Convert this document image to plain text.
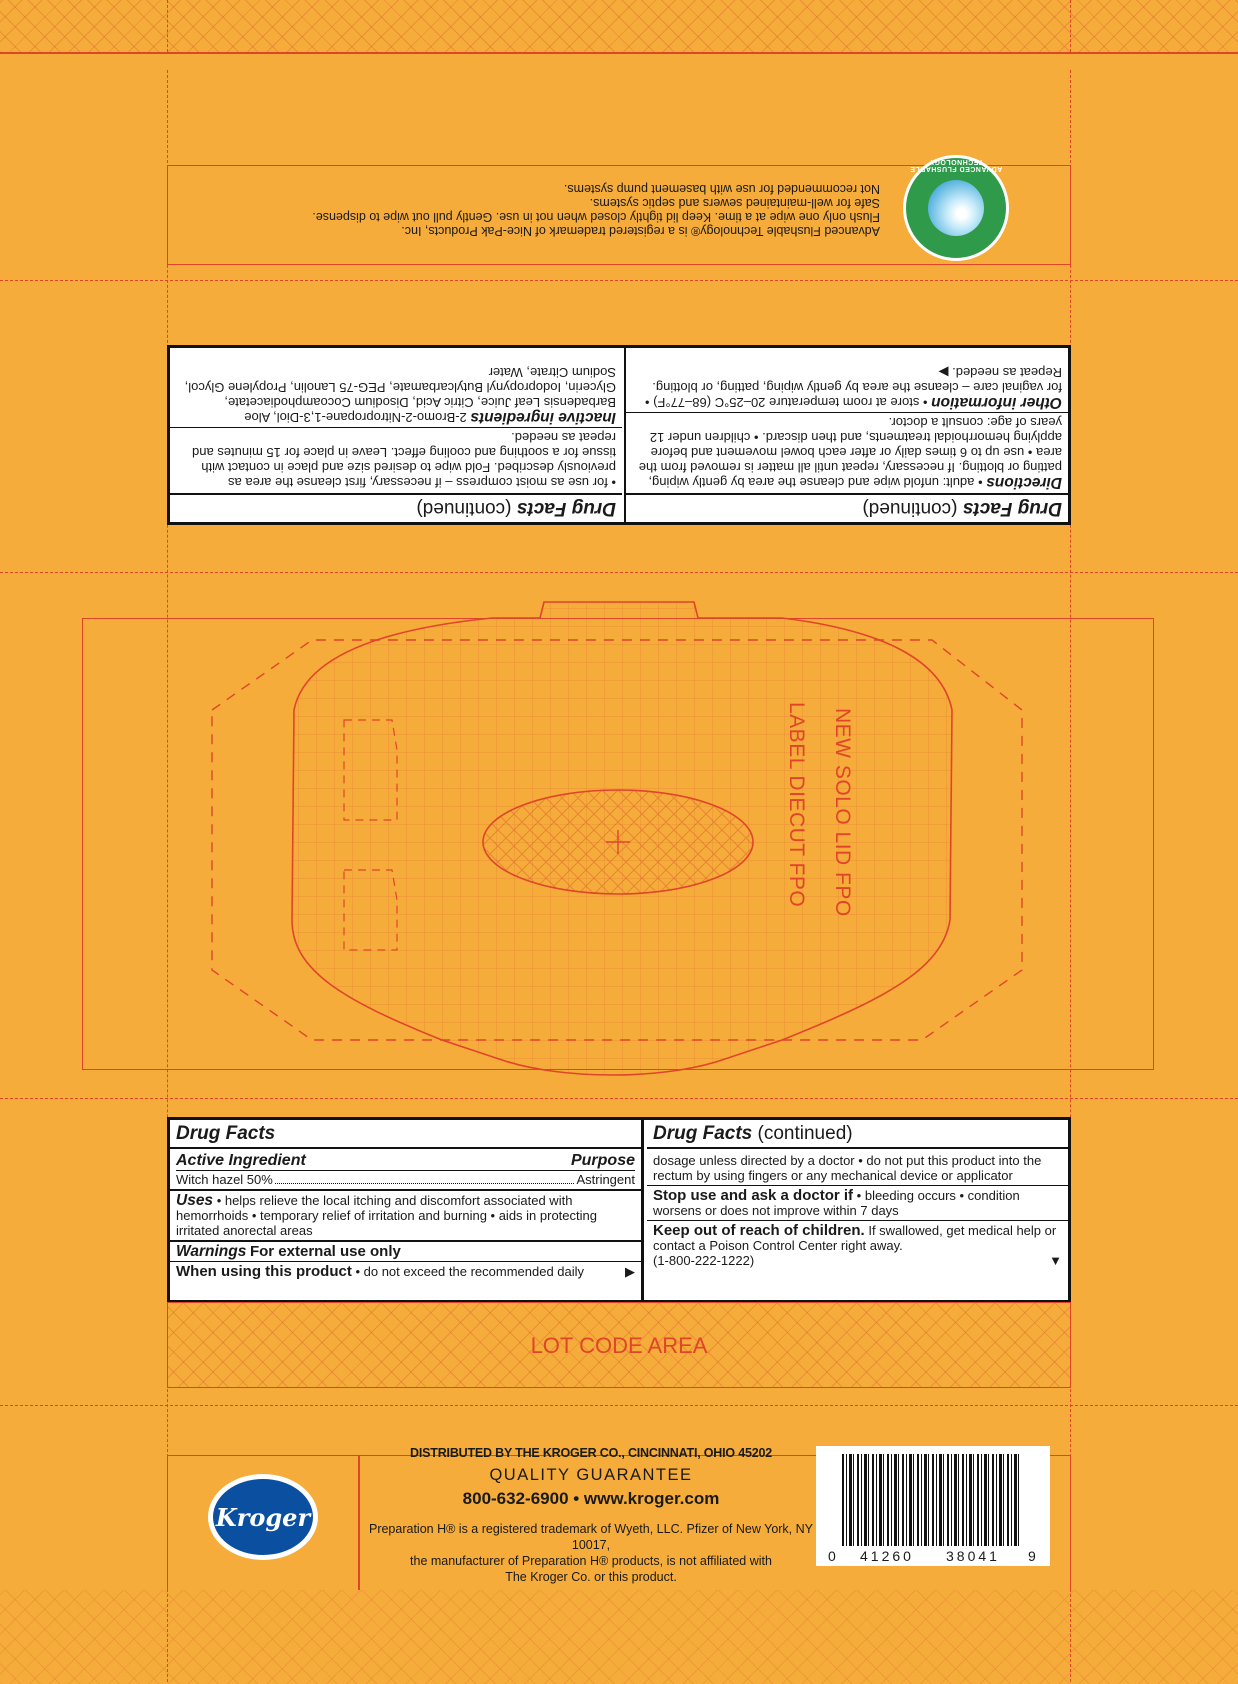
Advanced Flushable Technology® is a registered trademark of Nice-Pak Products, Inc.
Flush only one wipe at a time. Keep lid tightly closed when not in use. Gently pull out wipe to dispense.
Safe for well-maintained sewers and septic systems.
Not recommended for use with basement pump systems.
ADVANCED FLUSHABLE TECHNOLOGY
Drug Facts (continued)
Directions • adult: unfold wipe and cleanse the area by gently wiping, patting or blotting. If necessary, repeat until all matter is removed from the area • use up to 6 times daily or after each bowel movement and before applying hemorrhoidal treatments, and then discard. • children under 12 years of age: consult a doctor.
Other information • store at room temperature 20–25°C (68–77°F) • for vaginal care – cleanse the area by gently wiping, patting, or blotting. Repeat as needed. ▶
Drug Facts (continued)
• for use as moist compress – if necessary, first cleanse the area as previously described. Fold wipe to desired size and place in contact with tissue for a soothing and cooling effect. Leave in place for 15 minutes and repeat as needed.
Inactive ingredients 2-Bromo-2-Nitropropane-1,3-Diol, Aloe Barbadensis Leaf Juice, Citric Acid, Disodium Cocoamphodiacetate, Glycerin, Iodopropynyl Butylcarbamate, PEG-75 Lanolin, Propylene Glycol, Sodium Citrate, Water
NEW SOLO LID FPO
LABEL DIECUT FPO
Drug Facts
Active Ingredient	Purpose
Witch hazel 50%	Astringent
Uses • helps relieve the local itching and discomfort associated with hemorrhoids • temporary relief of irritation and burning • aids in protecting irritated anorectal areas
Warnings For external use only
When using this product • do not exceed the recommended daily	▶
Drug Facts (continued)
dosage unless directed by a doctor • do not put this product into the rectum by using fingers or any mechanical device or applicator
Stop use and ask a doctor if • bleeding occurs • condition worsens or does not improve within 7 days
Keep out of reach of children. If swallowed, get medical help or contact a Poison Control Center right away.
(1-800-222-1222)	▼
LOT CODE AREA
Kroger
DISTRIBUTED BY THE KROGER CO., CINCINNATI, OHIO 45202
QUALITY GUARANTEE
800-632-6900 • www.kroger.com
Preparation H® is a registered trademark of Wyeth, LLC. Pfizer of New York, NY 10017,
the manufacturer of Preparation H® products, is not affiliated with
The Kroger Co. or this product.
0 41260 38041 9
